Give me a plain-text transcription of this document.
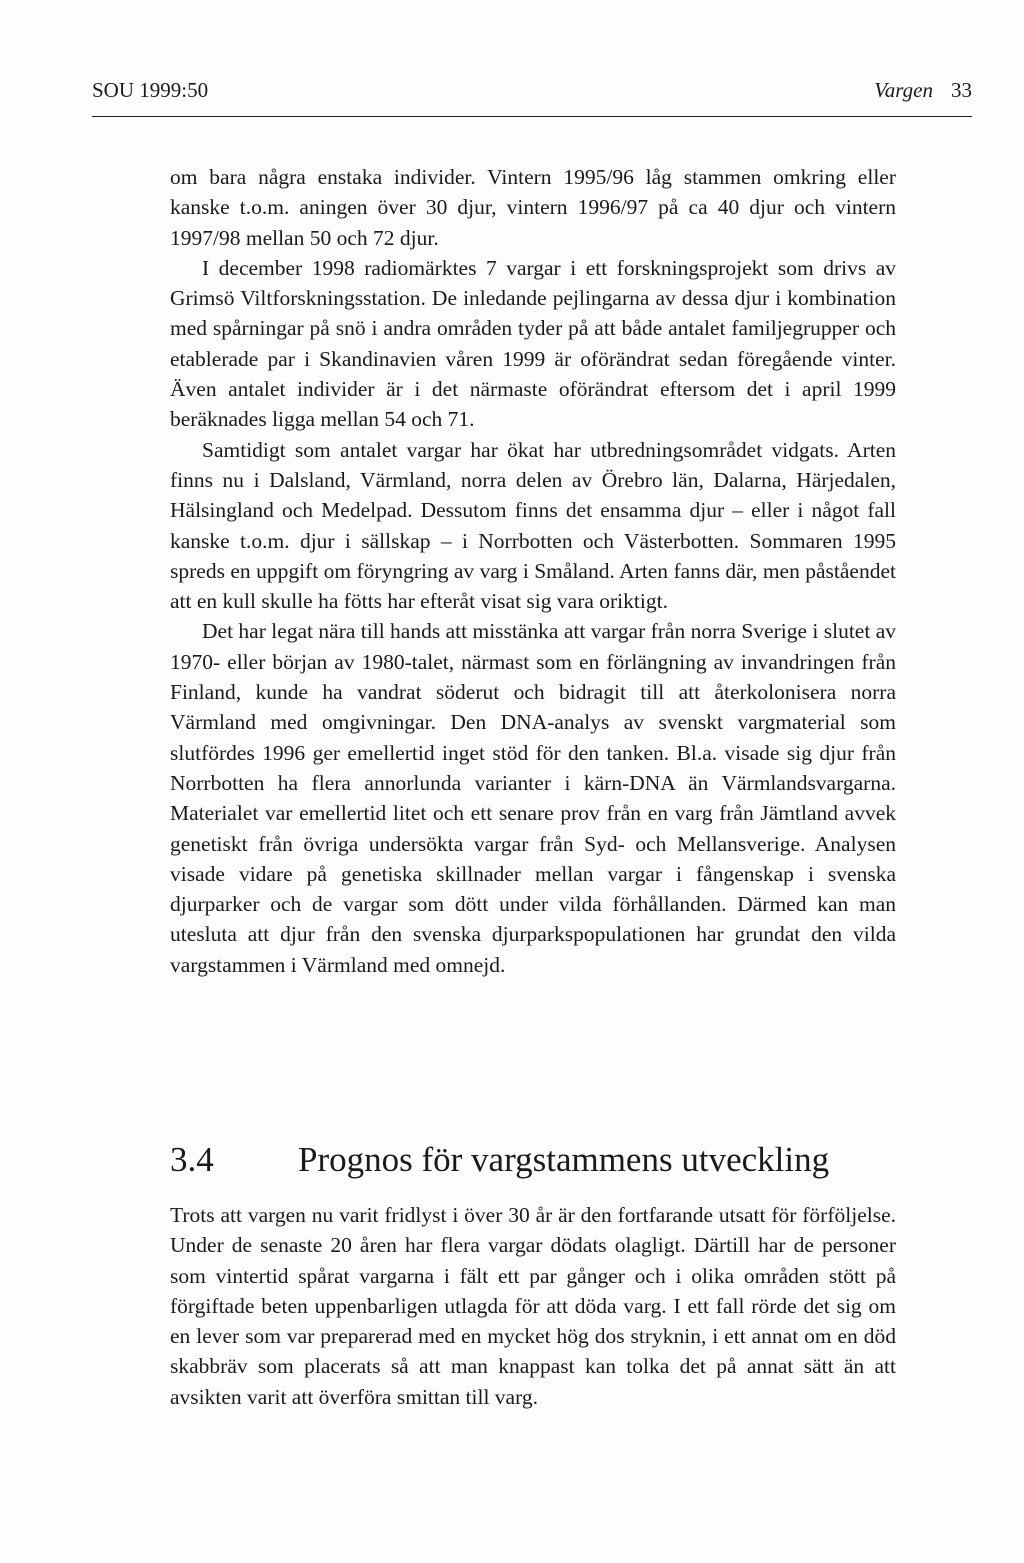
SOU 1999:50	Vargen 33

om bara några enstaka individer. Vintern 1995/96 låg stammen omkring eller kanske t.o.m. aningen över 30 djur, vintern 1996/97 på ca 40 djur och vintern 1997/98 mellan 50 och 72 djur.

I december 1998 radiomärktes 7 vargar i ett forskningsprojekt som drivs av Grimsö Viltforskningsstation. De inledande pejlingarna av dessa djur i kombination med spårningar på snö i andra områden tyder på att både antalet familjegrupper och etablerade par i Skandinavien våren 1999 är oförändrat sedan föregående vinter. Även antalet individer är i det närmaste oförändrat eftersom det i april 1999 beräknades ligga mellan 54 och 71.

Samtidigt som antalet vargar har ökat har utbredningsområdet vidgats. Arten finns nu i Dalsland, Värmland, norra delen av Örebro län, Dalarna, Härjedalen, Hälsingland och Medelpad. Dessutom finns det ensamma djur – eller i något fall kanske t.o.m. djur i sällskap – i Norrbotten och Västerbotten. Sommaren 1995 spreds en uppgift om föryngring av varg i Småland. Arten fanns där, men påståendet att en kull skulle ha fötts har efteråt visat sig vara oriktigt.

Det har legat nära till hands att misstänka att vargar från norra Sverige i slutet av 1970- eller början av 1980-talet, närmast som en förlängning av invandringen från Finland, kunde ha vandrat söderut och bidragit till att återkolonisera norra Värmland med omgivningar. Den DNA-analys av svenskt vargmaterial som slutfördes 1996 ger emellertid inget stöd för den tanken. Bl.a. visade sig djur från Norrbotten ha flera annorlunda varianter i kärn-DNA än Värmlandsvargarna. Materialet var emellertid litet och ett senare prov från en varg från Jämtland avvek genetiskt från övriga undersökta vargar från Syd- och Mellansverige. Analysen visade vidare på genetiska skillnader mellan vargar i fångenskap i svenska djurparker och de vargar som dött under vilda förhållanden. Därmed kan man utesluta att djur från den svenska djurparkspopulationen har grundat den vilda vargstammen i Värmland med omnejd.

3.4 Prognos för vargstammens utveckling

Trots att vargen nu varit fridlyst i över 30 år är den fortfarande utsatt för förföljelse. Under de senaste 20 åren har flera vargar dödats olagligt. Därtill har de personer som vintertid spårat vargarna i fält ett par gånger och i olika områden stött på förgiftade beten uppenbarligen utlagda för att döda varg. I ett fall rörde det sig om en lever som var preparerad med en mycket hög dos stryknin, i ett annat om en död skabbräv som placerats så att man knappast kan tolka det på annat sätt än att avsikten varit att överföra smittan till varg.
